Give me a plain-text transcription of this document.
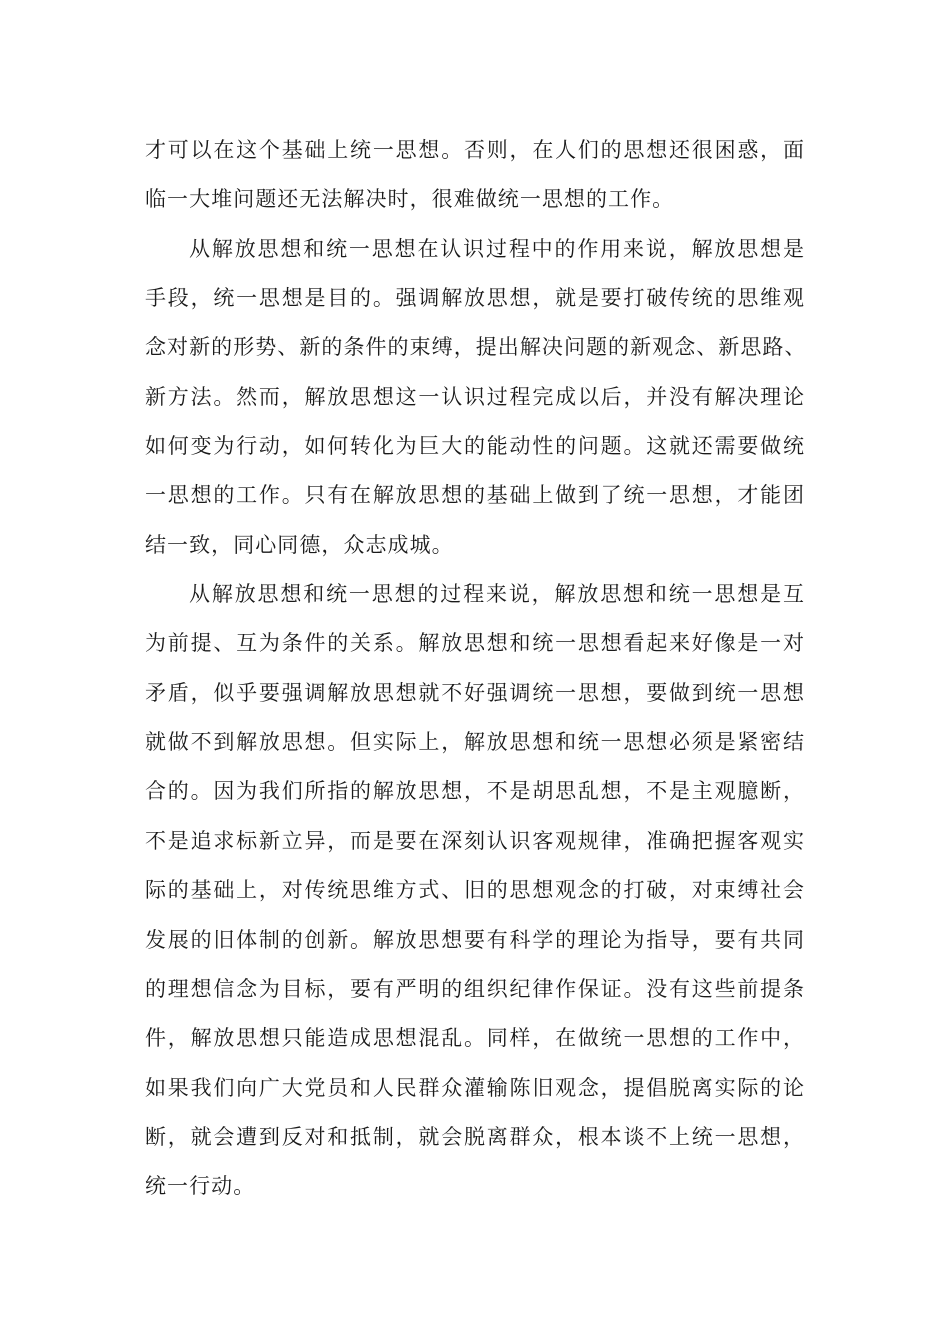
才可以在这个基础上统一思想。否则，在人们的思想还很困惑，面
临一大堆问题还无法解决时，很难做统一思想的工作。
从解放思想和统一思想在认识过程中的作用来说，解放思想是
手段，统一思想是目的。强调解放思想，就是要打破传统的思维观
念对新的形势、新的条件的束缚，提出解决问题的新观念、新思路、
新方法。然而，解放思想这一认识过程完成以后，并没有解决理论
如何变为行动，如何转化为巨大的能动性的问题。这就还需要做统
一思想的工作。只有在解放思想的基础上做到了统一思想，才能团
结一致，同心同德，众志成城。
从解放思想和统一思想的过程来说，解放思想和统一思想是互
为前提、互为条件的关系。解放思想和统一思想看起来好像是一对
矛盾，似乎要强调解放思想就不好强调统一思想，要做到统一思想
就做不到解放思想。但实际上，解放思想和统一思想必须是紧密结
合的。因为我们所指的解放思想，不是胡思乱想，不是主观臆断，
不是追求标新立异，而是要在深刻认识客观规律，准确把握客观实
际的基础上，对传统思维方式、旧的思想观念的打破，对束缚社会
发展的旧体制的创新。解放思想要有科学的理论为指导，要有共同
的理想信念为目标，要有严明的组织纪律作保证。没有这些前提条
件，解放思想只能造成思想混乱。同样，在做统一思想的工作中，
如果我们向广大党员和人民群众灌输陈旧观念，提倡脱离实际的论
断，就会遭到反对和抵制，就会脱离群众，根本谈不上统一思想，
统一行动。
